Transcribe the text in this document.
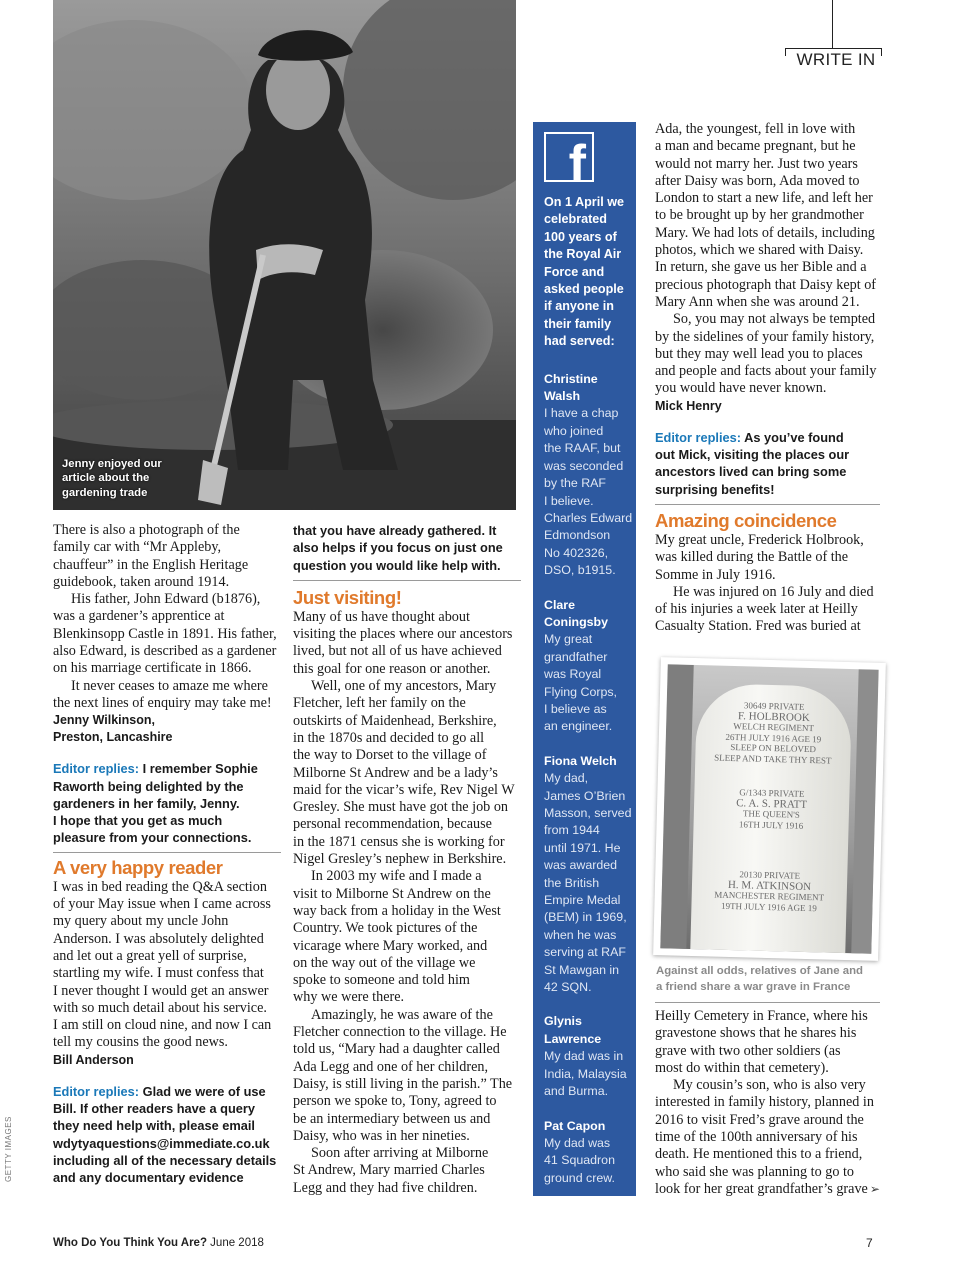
WRITE IN
Jenny enjoyed our
article about the
gardening trade
GETTY IMAGES

There is also a photograph of the
family car with “Mr Appleby,
chauffeur” in the English Heritage
guidebook, taken around 1914.

His father, John Edward (b1876),
was a gardener’s apprentice at
Blenkinsopp Castle in 1891. His father,
also Edward, is described as a gardener
on his marriage certificate in 1866.

It never ceases to amaze me where
the next lines of enquiry may take me!

Jenny Wilkinson,
Preston, Lancashire
Editor replies: I remember Sophie
Raworth being delighted by the
gardeners in her family, Jenny.
I hope that you get as much
pleasure from your connections.
A very happy reader

I was in bed reading the Q&A section
of your May issue when I came across
my query about my uncle John
Anderson. I was absolutely delighted
and let out a great yell of surprise,
startling my wife. I must confess that
I never thought I would get an answer
with so much detail about his service.
I am still on cloud nine, and now I can
tell my cousins the good news.

Bill Anderson
Editor replies: Glad we were of use
Bill. If other readers have a query
they need help with, please email
wdytyaquestions@immediate.co.uk
including all of the necessary details
and any documentary evidence
that you have already gathered. It
also helps if you focus on just one
question you would like help with.
Just visiting!

Many of us have thought about
visiting the places where our ancestors
lived, but not all of us have achieved
this goal for one reason or another.

Well, one of my ancestors, Mary
Fletcher, left her family on the
outskirts of Maidenhead, Berkshire,
in the 1870s and decided to go all
the way to Dorset to the village of
Milborne St Andrew and be a lady’s
maid for the vicar’s wife, Rev Nigel W
Gresley. She must have got the job on
personal recommendation, because
in the 1871 census she is working for
Nigel Gresley’s nephew in Berkshire.

In 2003 my wife and I made a
visit to Milborne St Andrew on the
way back from a holiday in the West
Country. We took pictures of the
vicarage where Mary worked, and
on the way out of the village we
spoke to someone and told him
why we were there.

Amazingly, he was aware of the
Fletcher connection to the village. He
told us, “Mary had a daughter called
Ada Legg and one of her children,
Daisy, is still living in the parish.” The
person we spoke to, Tony, agreed to
be an intermediary between us and
Daisy, who was in her nineties.

Soon after arriving at Milborne
St Andrew, Mary married Charles
Legg and they had five children.

f
On 1 April we
celebrated
100 years of
the Royal Air
Force and
asked people
if anyone in
their family
had served:
Christine
Walsh
I have a chap
who joined
the RAAF, but
was seconded
by the RAF
I believe.
Charles Edward
Edmondson
No 402326,
DSO, b1915.
Clare
Coningsby
My great
grandfather
was Royal
Flying Corps,
I believe as
an engineer.
Fiona Welch
My dad,
James O’Brien
Masson, served
from 1944
until 1971. He
was awarded
the British
Empire Medal
(BEM) in 1969,
when he was
serving at RAF
St Mawgan in
42 SQN.
Glynis
Lawrence
My dad was in
India, Malaysia
and Burma.
Pat Capon
My dad was
41 Squadron
ground crew.

Ada, the youngest, fell in love with
a man and became pregnant, but he
would not marry her. Just two years
after Daisy was born, Ada moved to
London to start a new life, and left her
to be brought up by her grandmother
Mary. We had lots of details, including
photos, which we shared with Daisy.
In return, she gave us her Bible and a
precious photograph that Daisy kept of
Mary Ann when she was around 21.

So, you may not always be tempted
by the sidelines of your family history,
but they may well lead you to places
and people and facts about your family
you would have never known.

Mick Henry
Editor replies: As you’ve found
out Mick, visiting the places our
ancestors lived can bring some
surprising benefits!
Amazing coincidence

My great uncle, Frederick Holbrook,
was killed during the Battle of the
Somme in July 1916.

He was injured on 16 July and died
of his injuries a week later at Heilly
Casualty Station. Fred was buried at

30649 PRIVATE
F. HOLBROOK
WELCH REGIMENT
26TH JULY 1916 AGE 19
SLEEP ON BELOVED
SLEEP AND TAKE THY REST
G/1343 PRIVATE
C. A. S. PRATT
THE QUEEN'S
16TH JULY 1916
20130 PRIVATE
H. M. ATKINSON
MANCHESTER REGIMENT
19TH JULY 1916 AGE 19
Against all odds, relatives of Jane and
a friend share a war grave in France

Heilly Cemetery in France, where his
gravestone shows that he shares his
grave with two other soldiers (as
most do within that cemetery).

My cousin’s son, who is also very
interested in family history, planned in
2016 to visit Fred’s grave around the
time of the 100th anniversary of his
death. He mentioned this to a friend,
who said she was planning to go to
look for her great grandfather’s grave ➢

Who Do You Think You Are? June 2018	7
